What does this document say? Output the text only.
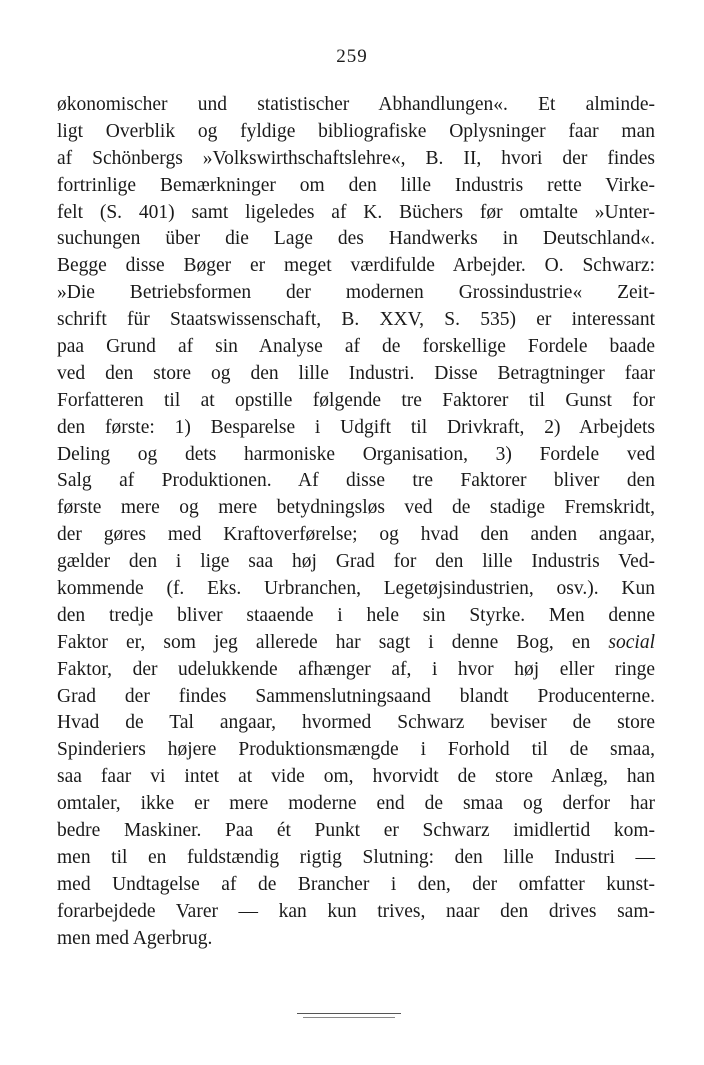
259
økonomischer und statistischer Abhandlungen«. Et alminde-
ligt Overblik og fyldige bibliografiske Oplysninger faar man
af Schönbergs »Volkswirthschaftslehre«, B. II, hvori der findes
fortrinlige Bemærkninger om den lille Industris rette Virke-
felt (S. 401) samt ligeledes af K. Büchers før omtalte »Unter-
suchungen über die Lage des Handwerks in Deutschland«.
Begge disse Bøger er meget værdifulde Arbejder. O. Schwarz:
»Die Betriebsformen der modernen Grossindustrie« Zeit-
schrift für Staatswissenschaft, B. XXV, S. 535) er interessant
paa Grund af sin Analyse af de forskellige Fordele baade
ved den store og den lille Industri. Disse Betragtninger faar
Forfatteren til at opstille følgende tre Faktorer til Gunst for
den første: 1) Besparelse i Udgift til Drivkraft, 2) Arbejdets
Deling og dets harmoniske Organisation, 3) Fordele ved
Salg af Produktionen. Af disse tre Faktorer bliver den
første mere og mere betydningsløs ved de stadige Fremskridt,
der gøres med Kraftoverførelse; og hvad den anden angaar,
gælder den i lige saa høj Grad for den lille Industris Ved-
kommende (f. Eks. Urbranchen, Legetøjsindustrien, osv.). Kun
den tredje bliver staaende i hele sin Styrke. Men denne
Faktor er, som jeg allerede har sagt i denne Bog, en social
Faktor, der udelukkende afhænger af, i hvor høj eller ringe
Grad der findes Sammenslutningsaand blandt Producenterne.
Hvad de Tal angaar, hvormed Schwarz beviser de store
Spinderiers højere Produktionsmængde i Forhold til de smaa,
saa faar vi intet at vide om, hvorvidt de store Anlæg, han
omtaler, ikke er mere moderne end de smaa og derfor har
bedre Maskiner. Paa ét Punkt er Schwarz imidlertid kom-
men til en fuldstændig rigtig Slutning: den lille Industri —
med Undtagelse af de Brancher i den, der omfatter kunst-
forarbejdede Varer — kan kun trives, naar den drives sam-
men med Agerbrug.
